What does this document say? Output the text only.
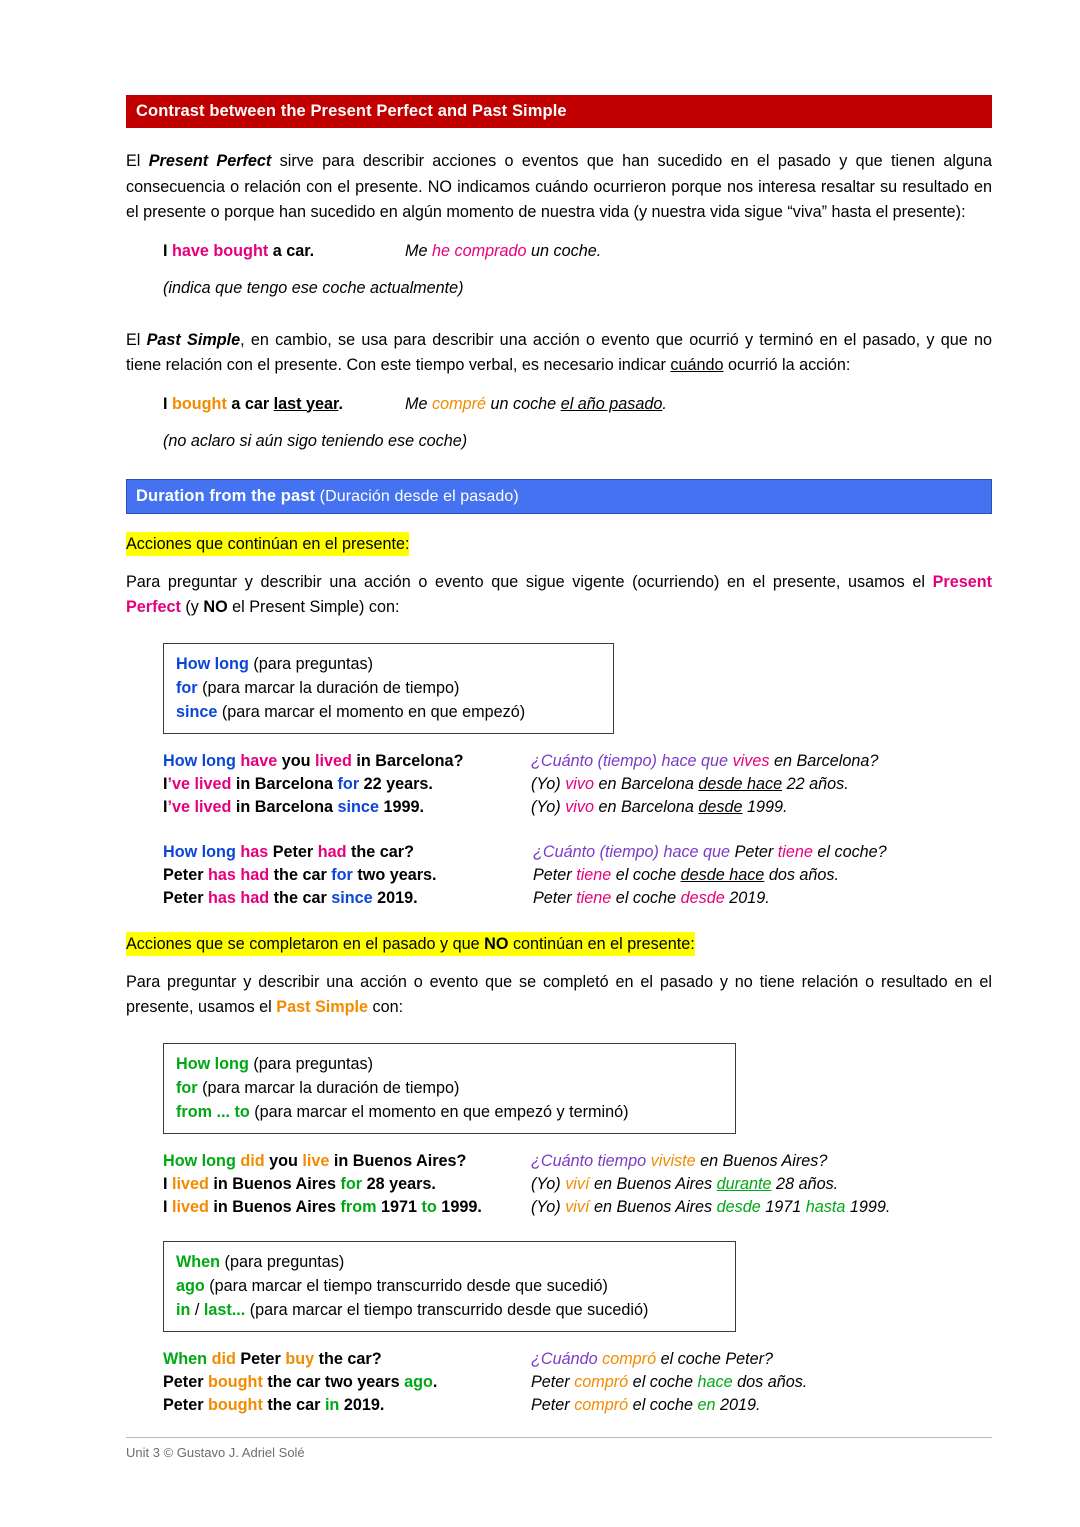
Contrast between the Present Perfect and Past Simple

El Present Perfect sirve para describir acciones o eventos que han sucedido en el pasado y que tienen alguna consecuencia o relación con el presente. NO indicamos cuándo ocurrieron porque nos interesa resaltar su resultado en el presente o porque han sucedido en algún momento de nuestra vida (y nuestra vida sigue “viva” hasta el presente):

I have bought a car.	Me he comprado un coche.
(indica que tengo ese coche actualmente)

El Past Simple, en cambio, se usa para describir una acción o evento que ocurrió y terminó en el pasado, y que no tiene relación con el presente. Con este tiempo verbal, es necesario indicar cuándo ocurrió la acción:

I bought a car last year.	Me compré un coche el año pasado.
(no aclaro si aún sigo teniendo ese coche)
Duration from the past (Duración desde el pasado)
Acciones que continúan en el presente:

Para preguntar y describir una acción o evento que sigue vigente (ocurriendo) en el presente, usamos el Present Perfect (y NO el Present Simple) con:

How long (para preguntas)
for (para marcar la duración de tiempo)
since (para marcar el momento en que empezó)
How long have you lived in Barcelona?	¿Cuánto (tiempo) hace que vives en Barcelona?
I’ve lived in Barcelona for 22 years.	(Yo) vivo en Barcelona desde hace 22 años.
I’ve lived in Barcelona since 1999.	(Yo) vivo en Barcelona desde 1999.
How long has Peter had the car?	¿Cuánto (tiempo) hace que Peter tiene el coche?
Peter has had the car for two years.	Peter tiene el coche desde hace dos años.
Peter has had the car since 2019.	Peter tiene el coche desde 2019.
Acciones que se completaron en el pasado y que NO continúan en el presente:

Para preguntar y describir una acción o evento que se completó en el pasado y no tiene relación o resultado en el presente, usamos el Past Simple con:

How long (para preguntas)
for (para marcar la duración de tiempo)
from ... to (para marcar el momento en que empezó y terminó)
How long did you live in Buenos Aires?	¿Cuánto tiempo viviste en Buenos Aires?
I lived in Buenos Aires for 28 years.	(Yo) viví en Buenos Aires durante 28 años.
I lived in Buenos Aires from 1971 to 1999.	(Yo) viví en Buenos Aires desde 1971 hasta 1999.
When (para preguntas)
ago (para marcar el tiempo transcurrido desde que sucedió)
in / last... (para marcar el tiempo transcurrido desde que sucedió)
When did Peter buy the car?	¿Cuándo compró el coche Peter?
Peter bought the car two years ago.	Peter compró el coche hace dos años.
Peter bought the car in 2019.	Peter compró el coche en 2019.
Unit 3 © Gustavo J. Adriel Solé
